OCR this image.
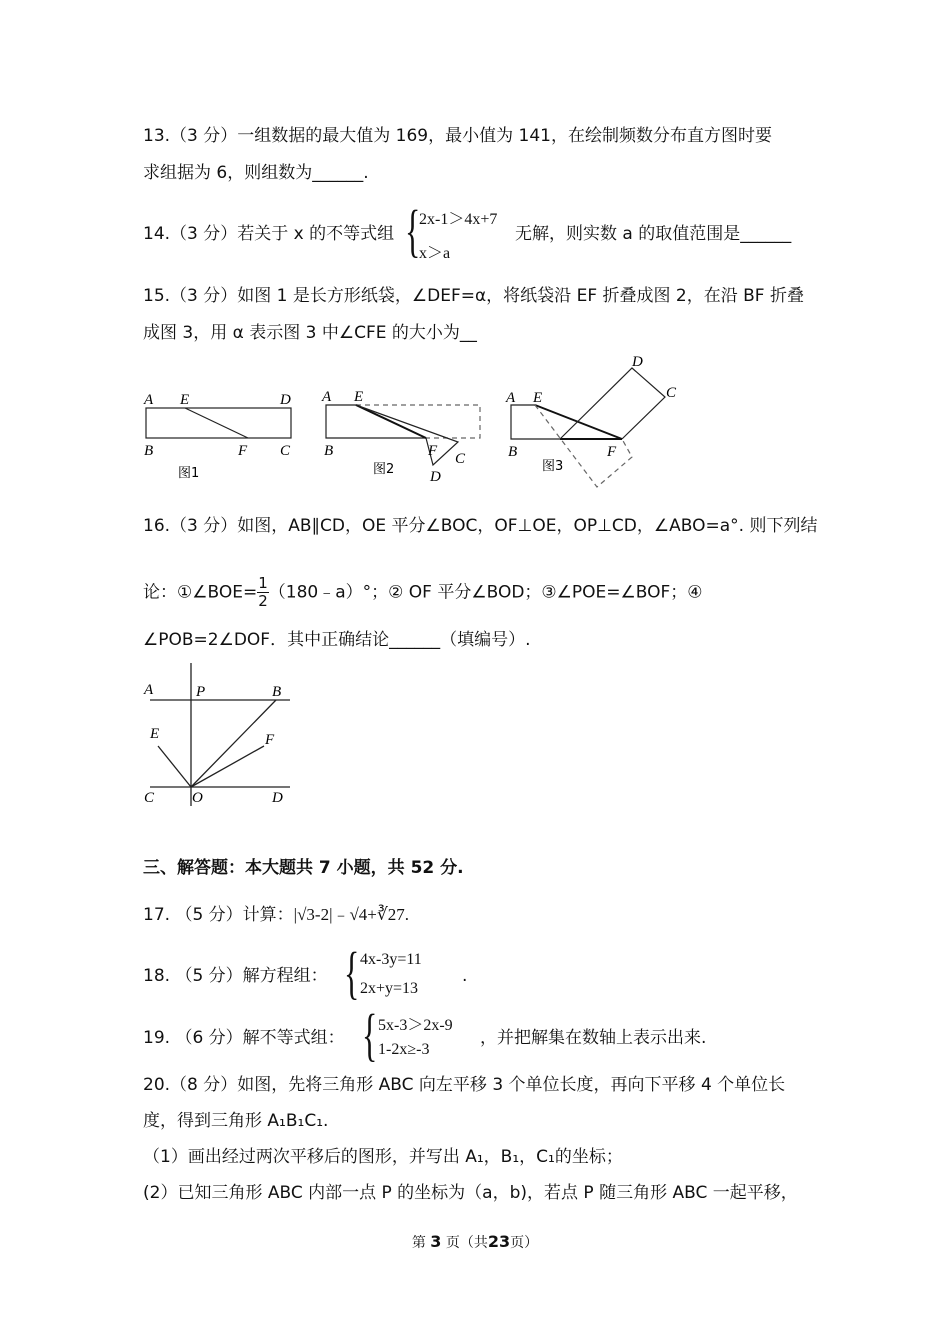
13.（3 分）一组数据的最大值为 169，最小值为 141，在绘制频数分布直方图时要
求组据为 6，则组数为______.
14.（3 分）若关于 x 的不等式组 {
2x-1＞4x+7
x＞a
无解，则实数 a 的取值范围是______
15.（3 分）如图 1 是长方形纸袋，∠DEF=α，将纸袋沿 EF 折叠成图 2，在沿 BF 折叠
成图 3，用 α 表示图 3 中∠CFE 的大小为__
A E	D
B	F C
图1
A E
B	F C
D
图2
A E
B	F
C
D
图3
16.（3 分）如图，AB∥CD，OE 平分∠BOC，OF⊥OE，OP⊥CD，∠ABO=a°. 则下列结
论：①∠BOE= $\frac{1}{2}$ （180﹣a）°；② OF 平分∠BOD；③∠POE=∠BOF；④
∠POB=2∠DOF．其中正确结论______（填编号）.
A	P	B
E	F
C	O	D
三、解答题：本大题共 7 小题，共 52 分.
17. （5 分）计算：|√3-2|﹣√4+∛27.
18. （5 分）解方程组： { 4x-3y=11
2x+y=13
.
19. （6 分）解不等式组： { 5x-3＞2x-9
1-2x≥-3
，并把解集在数轴上表示出来.
20.（8 分）如图，先将三角形 ABC 向左平移 3 个单位长度，再向下平移 4 个单位长
度，得到三角形 A₁B₁C₁.
（1）画出经过两次平移后的图形，并写出 A₁，B₁，C₁的坐标；
(2）已知三角形 ABC 内部一点 P 的坐标为（a，b)，若点 P 随三角形 ABC 一起平移，
第 3 页（共23页）
